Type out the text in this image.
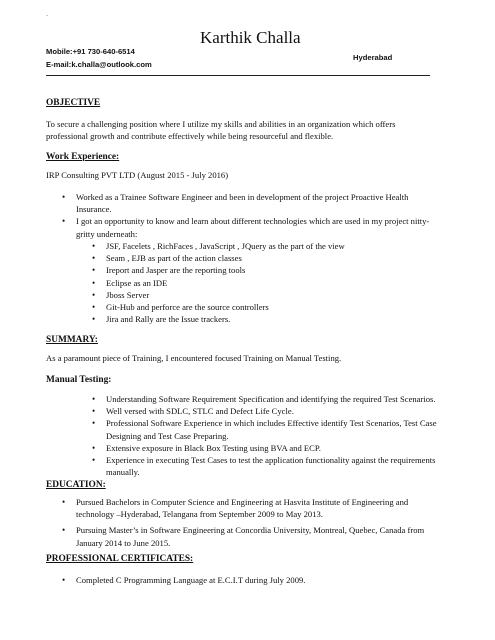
`
Karthik Challa
Mobile:+91 730-640-6514
Hyderabad
E-mail:k.challa@outlook.com
OBJECTIVE
To secure a challenging position where I utilize my skills and abilities in an organization which offers
professional growth and contribute effectively while being resourceful and flexible.
Work Experience:
IRP Consulting PVT LTD (August 2015 - July 2016)
• Worked as a Trainee Software Engineer and been in development of the project Proactive Health
Insurance.
• I got an opportunity to know and learn about different technologies which are used in my project nitty-
gritty underneath:
• JSF, Facelets , RichFaces , JavaScript , JQuery as the part of the view
• Seam , EJB as part of the action classes
• Ireport and Jasper are the reporting tools
• Eclipse as an IDE
• Jboss Server
• Git-Hub and perforce are the source controllers
• Jira and Rally are the Issue trackers.
SUMMARY:
As a paramount piece of Training, I encountered focused Training on Manual Testing.
Manual Testing:
• Understanding Software Requirement Specification and identifying the required Test Scenarios.
• Well versed with SDLC, STLC and Defect Life Cycle.
• Professional Software Experience in which includes Effective identify Test Scenarios, Test Case
Designing and Test Case Preparing.
• Extensive exposure in Black Box Testing using BVA and ECP.
• Experience in executing Test Cases to test the application functionality against the requirements
manually.
EDUCATION:
• Pursued Bachelors in Computer Science and Engineering at Hasvita Institute of Engineering and
technology –Hyderabad, Telangana from September 2009 to May 2013.
• Pursuing Master’s in Software Engineering at Concordia University, Montreal, Quebec, Canada from
January 2014 to June 2015.
PROFESSIONAL CERTIFICATES:
• Completed C Programming Language at E.C.I.T during July 2009.
